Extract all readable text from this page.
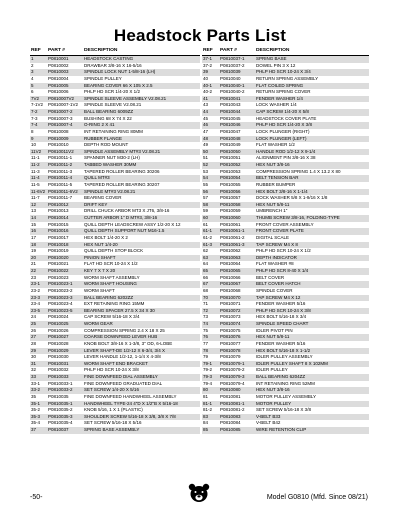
Headstock Parts List
REF	PART #	DESCRIPTION
1	P0810001	HEADSTOCK CASTING
2	P0810002	DRAWBAR 3/8-16 X 16-5/16
3	P0810003	SPINDLE LOCK NUT 1-5/8-16 (LH)
4	P0810004	SPINDLE PULLEY
5	P0810005	BEARING COVER 66 X 105 X 2.5
6	P0810006	PHLP HD SCR 1/4-20 X 1/2
7V2	P0810007V2	SPINDLE SLEEVE ASSEMBLY V2.08.21
7-1V2	P0810007-1V2	SPINDLE SLEEVE V2.08.21
7-2	P0810007-2	BALL BEARING 6009ZZ
7-3	P0810007-3	BUSHING 68 X 74 X 22
7-4	P0810007-4	O-RING 2 X 41
8	P0810008	INT RETAINING RING 80MM
9	P0810009	RUBBER FLANGE
10	P0810010	DEPTH ROD MOUNT
11V2	P0810011V2	SPINDLE ASSEMBLY MT#3 V2.08.21
11-1	P0810011-1	SPANNER NUT M30-2 (LH)
11-2	P0810011-2	TABBED WASHER 30MM
11-3	P0810011-3	TAPERED ROLLER BEARING 30206
11-4	P0810011-4	QUILL MT#3
11-5	P0810011-5	TAPERED ROLLER BEARING 30207
11-6V2	P0810011-6V2	SPINDLE MT#3 V2.08.21
11-7	P0810011-7	BEARING COVER
12	P0810012	DRIFT KEY
13	P0810013	DRILL CHUCK ARBOR MT3 X JT6, 3/8-16
14	P0810014	CUTTER ARBOR 1" D MT#3, 3/8-16
15	P0810015	QUILL DEPTH LEADSCREW ASSY 1/2-20 X 12
16	P0810016	QUILL DEPTH SUPPORT NUT M16-1.5
17	P0810017	HEX BOLT 1/4-20 X 2
18	P0810018	HEX NUT 1/4-20
19	P0810019	QUILL DEPTH STOP BLOCK
20	P0810020	PINION SHAFT
21	P0810021	FLAT HD SCR 10-24 X 1/2
22	P0810022	KEY 7 X 7 X 20
23	P0810023	WORM SHAFT ASSEMBLY
23-1	P0810023-1	WORM SHAFT HOUSING
23-2	P0810023-2	WORM SHAFT
23-3	P0810023-3	BALL BEARING 6202ZZ
23-4	P0810023-4	EXT RETAINING RING 15MM
23-5	P0810023-5	BEARING SPACER 27.5 X 34 X 30
24	P0810024	CAP SCREW 5/16-18 X 3/4
25	P0810025	WORM GEAR
26	P0810026	COMPRESSION SPRING 2.4 X 18 X 25
27	P0810027	COARSE DOWNFEED LEVER HUB
28	P0810028	KNOB BOLT 3/8-16 X 1-3/8, 3" OD, 6-LOBE
29	P0810029	LEVER SHAFT-DE 1/2-12 X 6-3/4, 3/4 X
30	P0810030	LEVER HANDLE 1/2-12, 1-1/4 X 4-3/8
31	P0810031	WORM SHAFT END BRACKET
32	P0810032	PHLP HD SCR 10-24 X 3/8
33	P0810033	FINE DOWNFEED DIAL ASSEMBLY
33-1	P0810033-1	FINE DOWNFEED GRADUATED DIAL
33-2	P0810033-2	SET SCREW 1/4-20 X 5/16
35	P0810035	FINE DOWNFEED HANDWHEEL ASSEMBLY
35-1	P0810035-1	HANDWHEEL TYPE-24 4"D X 1/2"B X 5/16-18
35-2	P0810035-2	KNOB 5/16, 1 X 1 (PLASTIC)
35-3	P0810035-3	SHOULDER SCREW 5/16-18 X 3/8, 3/8 X 7/8
35-4	P0810035-4	SET SCREW 5/16-18 X 5/16
37	P0810037	SPRING BASE ASSEMBLY
REF	PART #	DESCRIPTION
37-1	P0810037-1	SPRING BASE
37-2	P0810037-2	DOWEL PIN 3 X 12
39	P0810039	PHLP HD SCR 10-24 X 3/4
40	P0810040	RETURN SPRING ASSEMBLY
40-1	P0810040-1	FLAT COILED SPRING
40-2	P0810040-2	RETURN SPRING COVER
41	P0810041	FENDER WASHER 1/4
43	P0810043	LOCK WASHER 1/4
44	P0810044	CAP SCREW 1/4-20 X 5/8
45	P0810045	HEADSTOCK COVER PLATE
46	P0810046	PHLP HD SCR 1/4-20 X 3/8
47	P0810047	LOCK PLUNGER (RIGHT)
48	P0810048	LOCK PLUNGER (LEFT)
49	P0810049	FLAT WASHER 1/2
50	P0810050	HANDLE ROD 1/2-12 X 9-1/4
51	P0810051	ALIGNMENT PIN 3/8-16 X 38
52	P0810052	HEX NUT 3/8-16
53	P0810053	COMPRESSION SPRING 1.4 X 13.2 X 80
54	P0810054	BELT TENSION BAR
55	P0810055	RUBBER BUMPER
56	P0810056	HEX BOLT 3/8-16 X 1-1/4
57	P0810057	DOCK WASHER 5/8 X 1-9/16 X 1/8
58	P0810058	HEX NUT 5/8-11
59	P0810059	UMBRENCH 1"
60	P0810060	THUMB SCREW 3/8-16, FOLDING-TYPE
61	P0810061	FRONT COVER ASSEMBLY
61-1	P0810061-1	FRONT COVER PLATE
61-2	P0810061-2	DIGITAL SCALE
61-3	P0810061-3	TAP SCREW M4 X 8
62	P0810062	PHLP HD SCR 10-24 X 1/2
63	P0810063	DEPTH INDICATOR
64	P0810064	FLAT WASHER #8
65	P0810065	PHLP HD SCR 8-40 X 1/4
66	P0810066	BELT COVER
67	P0810067	BELT COVER HATCH
68	P0810068	SPINDLE COVER
70	P0810070	TAP SCREW M4 X 12
71	P0810071	FENDER WASHER 5/16
72	P0810072	PHLP HD SCR 10-24 X 3/8
73	P0810073	HEX BOLT 5/16-18 X 3/4
74	P0810074	SPINDLE SPEED CHART
75	P0810075	IDLER PIVOT PIN
76	P0810076	HEX NUT 5/8-11
77	P0810077	FENDER WASHER 5/16
78	P0810078	HEX BOLT 5/16-18 X 1-1/2
79	P0810079	IDLER PULLEY ASSEMBLY
79-1	P0810079-1	IDLER PULLEY SHAFT 8 X 102MM
79-2	P0810079-2	IDLER PULLEY
79-3	P0810079-3	BALL BEARING 6204ZZ
79-4	P0810079-4	INT RETAINING RING 52MM
80	P0810080	HEX NUT 3/8-16
81	P0810081	MOTOR PULLEY ASSEMBLY
81-1	P0810081-1	MOTOR PULLEY
81-2	P0810081-2	SET SCREW 5/16-18 X 3/8
83	P0810083	V-BELT B33
84	P0810084	V-BELT B42
85	P0810085	WIRE RETENTION CLIP
-50-	Model G0810 (Mfd. Since 08/21)
